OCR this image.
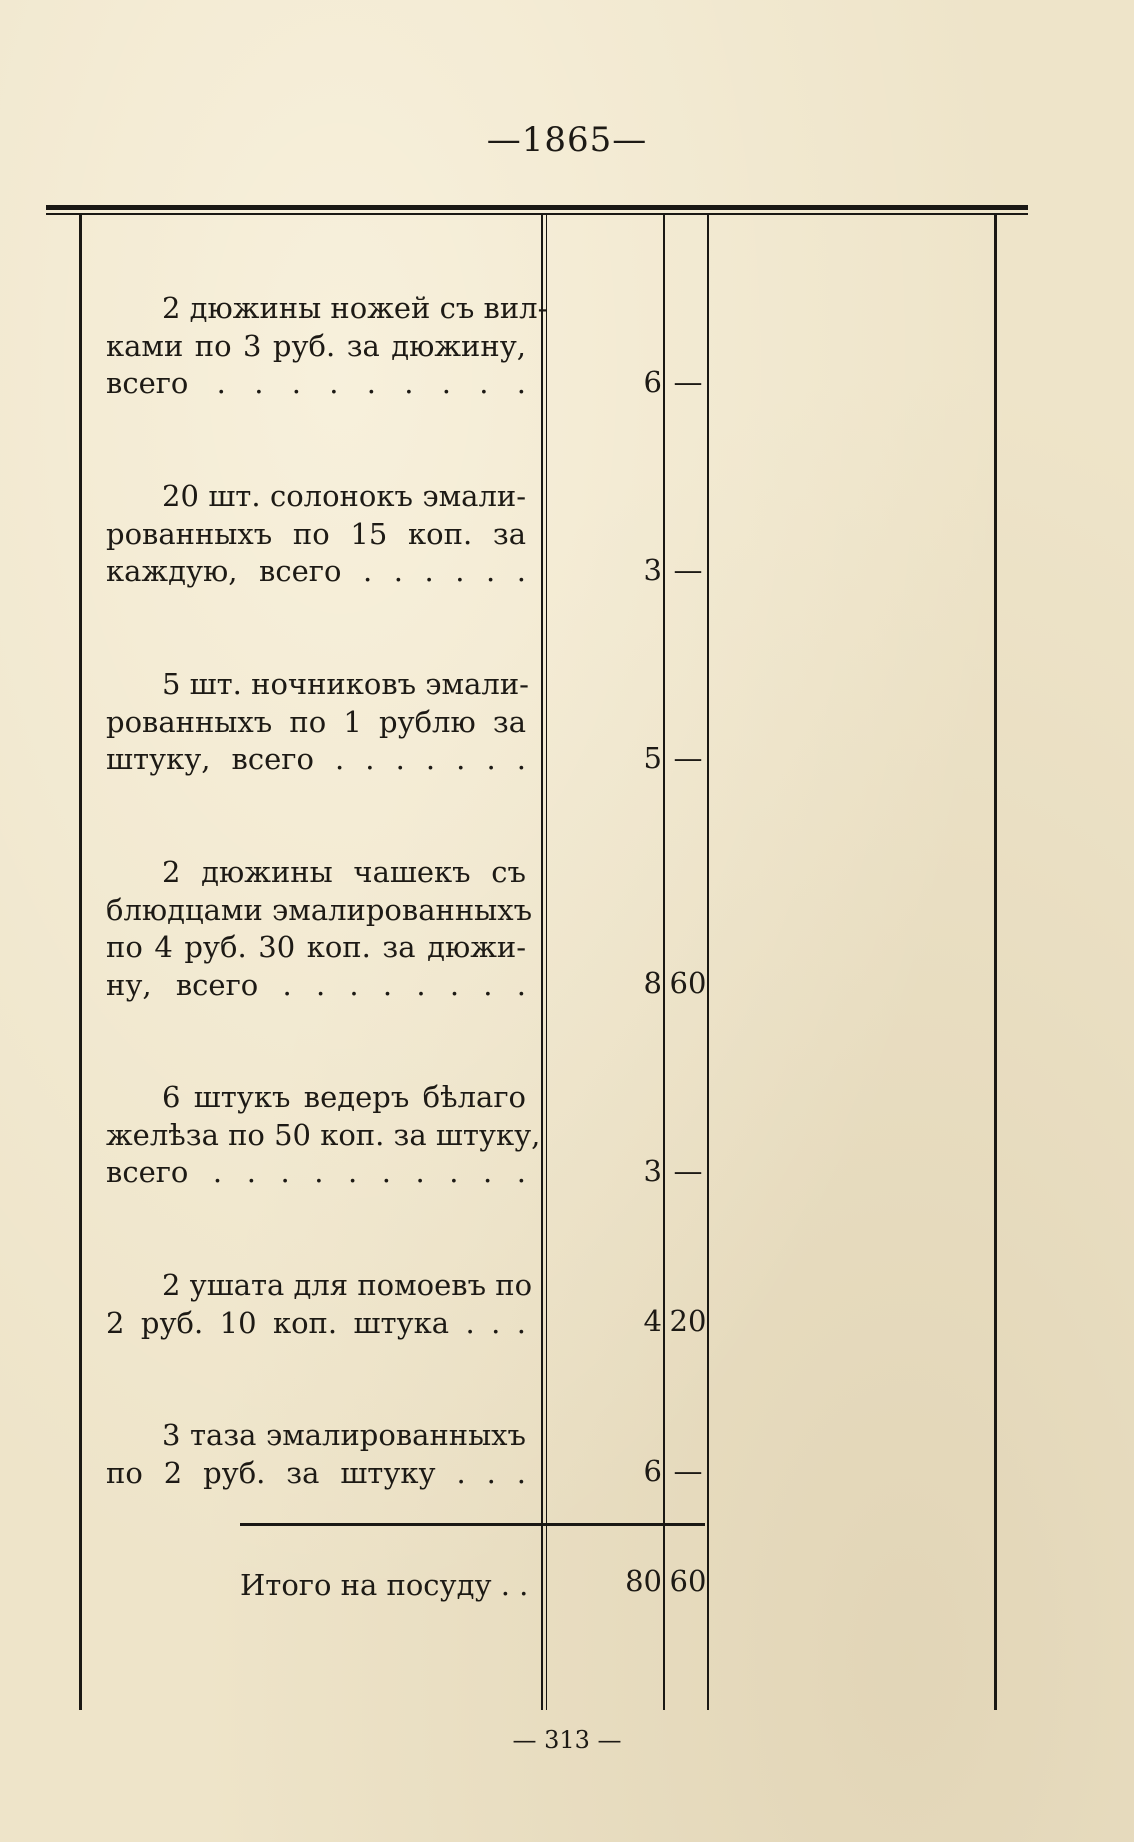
—1865—
2 дюжины ножей съ вил-
ками по 3 руб. за дюжину,
всего . . . . . . . . .	6 —
20 шт. солонокъ эмали-
рованныхъ по 15 коп. за
каждую, всего . . . . . .	3 —
5 шт. ночниковъ эмали-
рованныхъ по 1 рублю за
штуку, всего . . . . . . .	5 —
2 дюжины чашекъ съ
блюдцами эмалированныхъ
по 4 руб. 30 коп. за дюжи-
ну, всего . . . . . . . .	8 60
6 штукъ ведеръ бѣлаго
желѣза по 50 коп. за штуку,
всего . . . . . . . . . .	3 —
2 ушата для помоевъ по
2 руб. 10 коп. штука . . .	4 20
3 таза эмалированныхъ
по 2 руб. за штуку . . .	6 —
Итого на посуду . .	80 60
— 313 —
